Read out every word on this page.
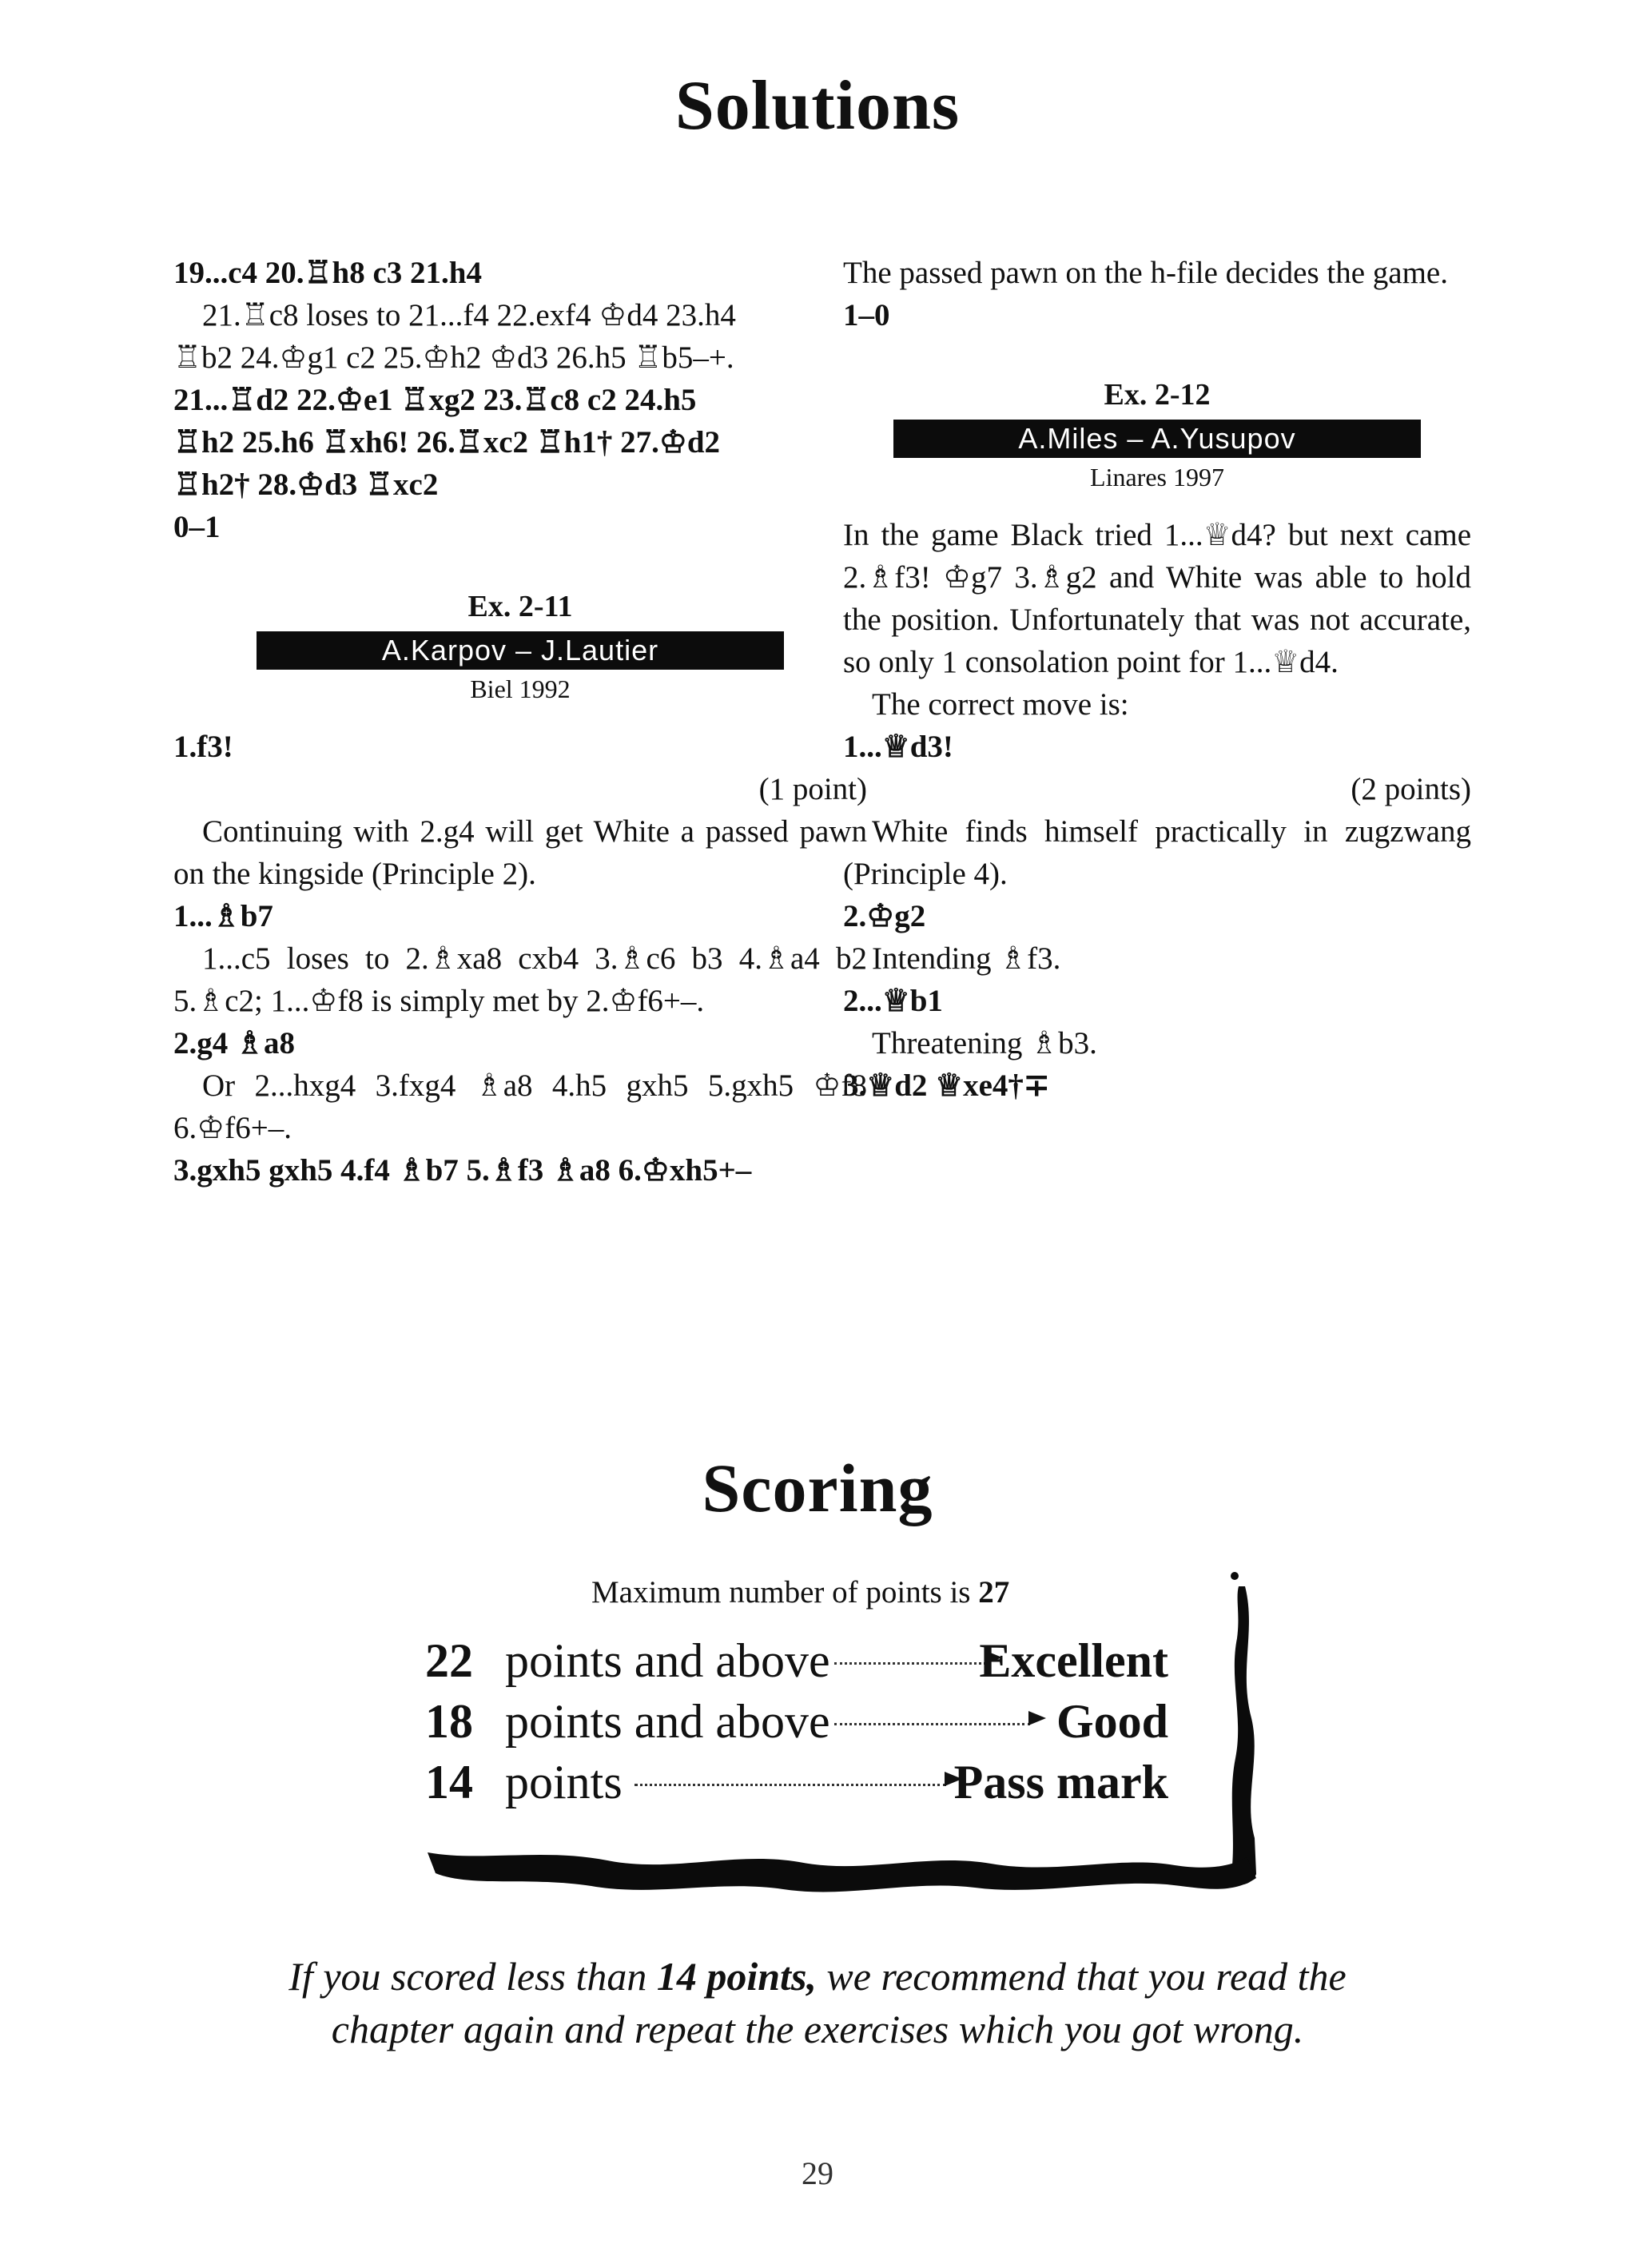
Solutions
19...c4 20.♖h8 c3 21.h4
21.♖c8 loses to 21...f4 22.exf4 ♔d4 23.h4
♖b2 24.♔g1 c2 25.♔h2 ♔d3 26.h5 ♖b5–+.
21...♖d2 22.♔e1 ♖xg2 23.♖c8 c2 24.h5
♖h2 25.h6 ♖xh6! 26.♖xc2 ♖h1† 27.♔d2
♖h2† 28.♔d3 ♖xc2
0–1
Ex. 2-11
A.Karpov – J.Lautier
Biel 1992
1.f3!
(1 point)
Continuing with 2.g4 will get White a passed pawn on the kingside (Principle 2).
1...♗b7
1...c5 loses to 2.♗xa8 cxb4 3.♗c6 b3 4.♗a4 b2 5.♗c2; 1...♔f8 is simply met by 2.♔f6+–.
2.g4 ♗a8
Or 2...hxg4 3.fxg4 ♗a8 4.h5 gxh5 5.gxh5 ♔f8 6.♔f6+–.
3.gxh5 gxh5 4.f4 ♗b7 5.♗f3 ♗a8 6.♔xh5+–
The passed pawn on the h-file decides the game.
1–0
Ex. 2-12
A.Miles – A.Yusupov
Linares 1997
In the game Black tried 1...♕d4? but next came 2.♗f3! ♔g7 3.♗g2 and White was able to hold the position. Unfortunately that was not accurate, so only 1 consolation point for 1...♕d4.
The correct move is:
1...♕d3!
(2 points)
White finds himself practically in zugzwang (Principle 4).
2.♔g2
Intending ♗f3.
2...♕b1
Threatening ♗b3.
3.♕d2 ♕xe4†∓
Scoring
Maximum number of points is 27
22 points and above	Excellent
18 points and above	Good
14 points	Pass mark
If you scored less than 14 points, we recommend that you read the
chapter again and repeat the exercises which you got wrong.
29
